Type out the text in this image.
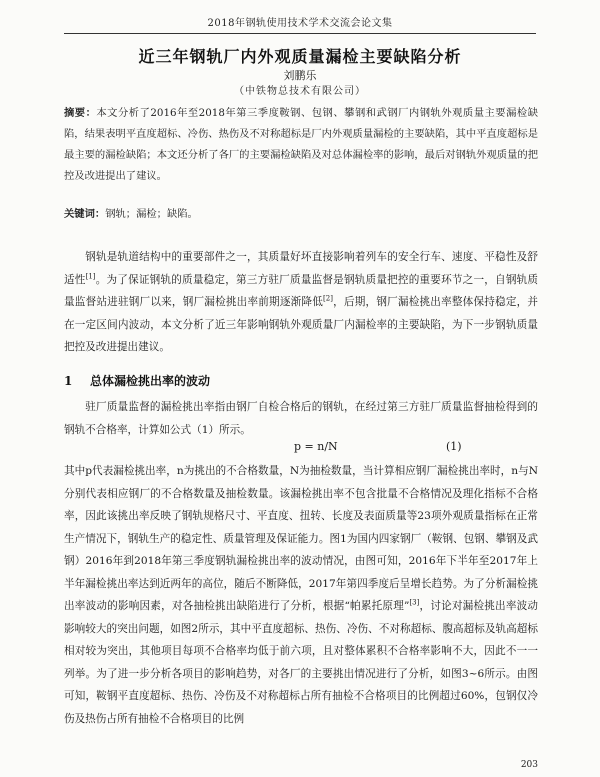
2018年钢轨使用技术学术交流会论文集
近三年钢轨厂内外观质量漏检主要缺陷分析
刘鹏乐
（中铁物总技术有限公司）
摘要：本文分析了2016年至2018年第三季度鞍钢、包钢、攀钢和武钢厂内钢轨外观质量主要漏检缺陷，结果表明平直度超标、冷伤、热伤及不对称超标是厂内外观质量漏检的主要缺陷，其中平直度超标是最主要的漏检缺陷；本文还分析了各厂的主要漏检缺陷及对总体漏检率的影响，最后对钢轨外观质量的把控及改进提出了建议。
关键词：钢轨；漏检；缺陷。
钢轨是轨道结构中的重要部件之一，其质量好坏直接影响着列车的安全行车、速度、平稳性及舒适性[1]。为了保证钢轨的质量稳定，第三方驻厂质量监督是钢轨质量把控的重要环节之一，自钢轨质量监督站进驻钢厂以来，钢厂漏检挑出率前期逐渐降低[2]，后期，钢厂漏检挑出率整体保持稳定，并在一定区间内波动，本文分析了近三年影响钢轨外观质量厂内漏检率的主要缺陷，为下一步钢轨质量把控及改进提出建议。
1 总体漏检挑出率的波动
驻厂质量监督的漏检挑出率指由钢厂自检合格后的钢轨，在经过第三方驻厂质量监督抽检得到的钢轨不合格率，计算如公式（1）所示。
p = n/N	(1)
其中p代表漏检挑出率，n为挑出的不合格数量，N为抽检数量，当计算相应钢厂漏检挑出率时，n与N分别代表相应钢厂的不合格数量及抽检数量。该漏检挑出率不包含批量不合格情况及理化指标不合格率，因此该挑出率反映了钢轨规格尺寸、平直度、扭转、长度及表面质量等23项外观质量指标在正常生产情况下，钢轨生产的稳定性、质量管理及保证能力。图1为国内四家钢厂（鞍钢、包钢、攀钢及武钢）2016年到2018年第三季度钢轨漏检挑出率的波动情况，由图可知，2016年下半年至2017年上半年漏检挑出率达到近两年的高位，随后不断降低，2017年第四季度后呈增长趋势。为了分析漏检挑出率波动的影响因素，对各抽检挑出缺陷进行了分析，根据“帕累托原理”[3]，讨论对漏检挑出率波动影响较大的突出问题，如图2所示，其中平直度超标、热伤、冷伤、不对称超标、腹高超标及轨高超标相对较为突出，其他项目每项不合格率均低于前六项，且对整体累积不合格率影响不大，因此不一一列举。为了进一步分析各项目的影响趋势，对各厂的主要挑出情况进行了分析，如图3~6所示。由图可知，鞍钢平直度超标、热伤、冷伤及不对称超标占所有抽检不合格项目的比例超过60%，包钢仅冷伤及热伤占所有抽检不合格项目的比例
203
